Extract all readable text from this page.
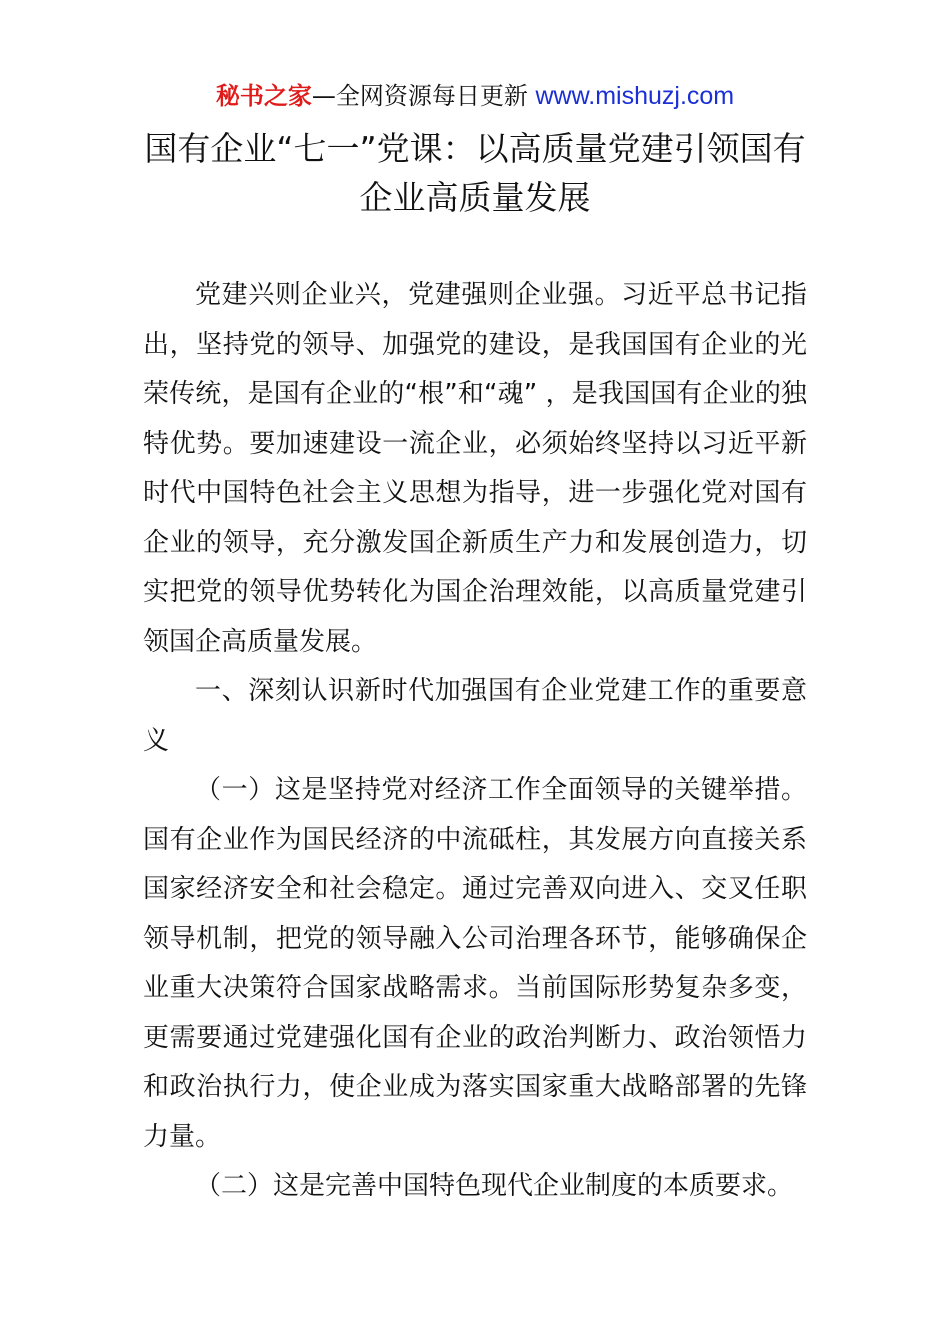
秘书之家—全网资源每日更新 www.mishuzj.com
国有企业“七一”党课：以高质量党建引领国有企业高质量发展

党建兴则企业兴，党建强则企业强。习近平总书记指出，坚持党的领导、加强党的建设，是我国国有企业的光荣传统，是国有企业的“根”和“魂” ，是我国国有企业的独特优势。要加速建设一流企业，必须始终坚持以习近平新时代中国特色社会主义思想为指导，进一步强化党对国有企业的领导，充分激发国企新质生产力和发展创造力，切实把党的领导优势转化为国企治理效能，以高质量党建引领国企高质量发展。

一、深刻认识新时代加强国有企业党建工作的重要意义

（一）这是坚持党对经济工作全面领导的关键举措。国有企业作为国民经济的中流砥柱，其发展方向直接关系国家经济安全和社会稳定。通过完善双向进入、交叉任职领导机制，把党的领导融入公司治理各环节，能够确保企业重大决策符合国家战略需求。当前国际形势复杂多变，更需要通过党建强化国有企业的政治判断力、政治领悟力和政治执行力，使企业成为落实国家重大战略部署的先锋力量。

（二）这是完善中国特色现代企业制度的本质要求。
